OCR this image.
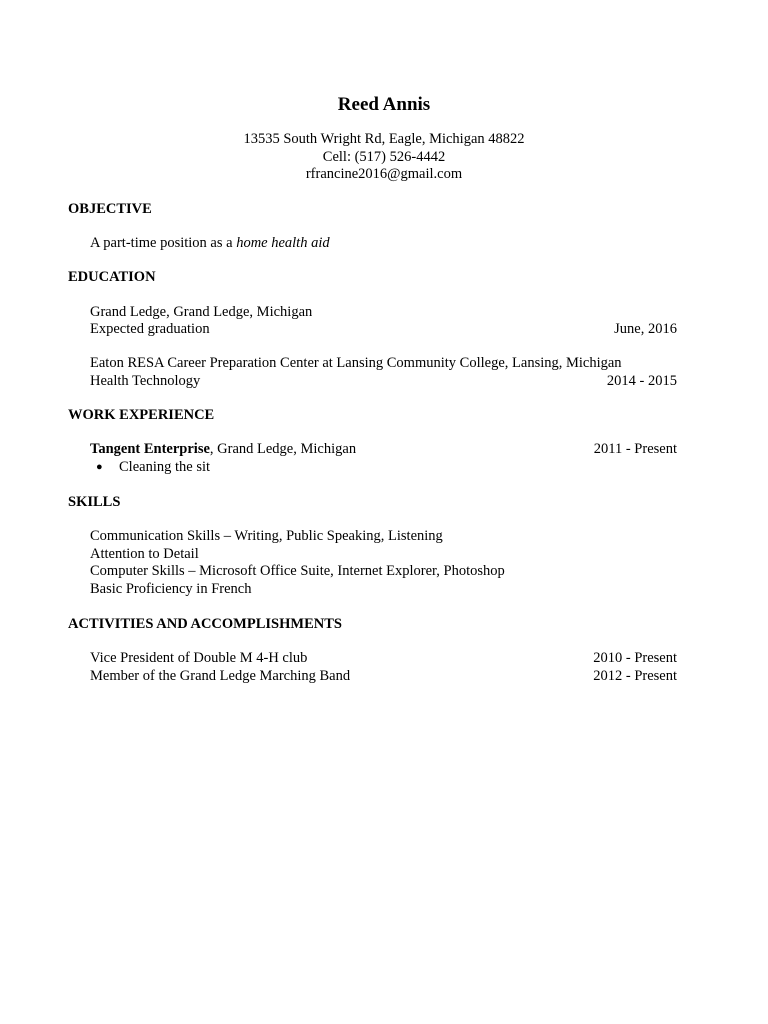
Reed Annis
13535 South Wright Rd, Eagle, Michigan 48822
Cell: (517) 526-4442
rfrancine2016@gmail.com
OBJECTIVE
A part-time position as a home health aid
EDUCATION
Grand Ledge, Grand Ledge, Michigan
Expected graduation	June, 2016
Eaton RESA Career Preparation Center at Lansing Community College, Lansing, Michigan
Health Technology	2014 - 2015
WORK EXPERIENCE
Tangent Enterprise, Grand Ledge, Michigan	2011 - Present
● Cleaning the sit
SKILLS
Communication Skills – Writing, Public Speaking, Listening
Attention to Detail
Computer Skills – Microsoft Office Suite, Internet Explorer, Photoshop
Basic Proficiency in French
ACTIVITIES AND ACCOMPLISHMENTS
Vice President of Double M 4-H club	2010 - Present
Member of the Grand Ledge Marching Band	2012 - Present
